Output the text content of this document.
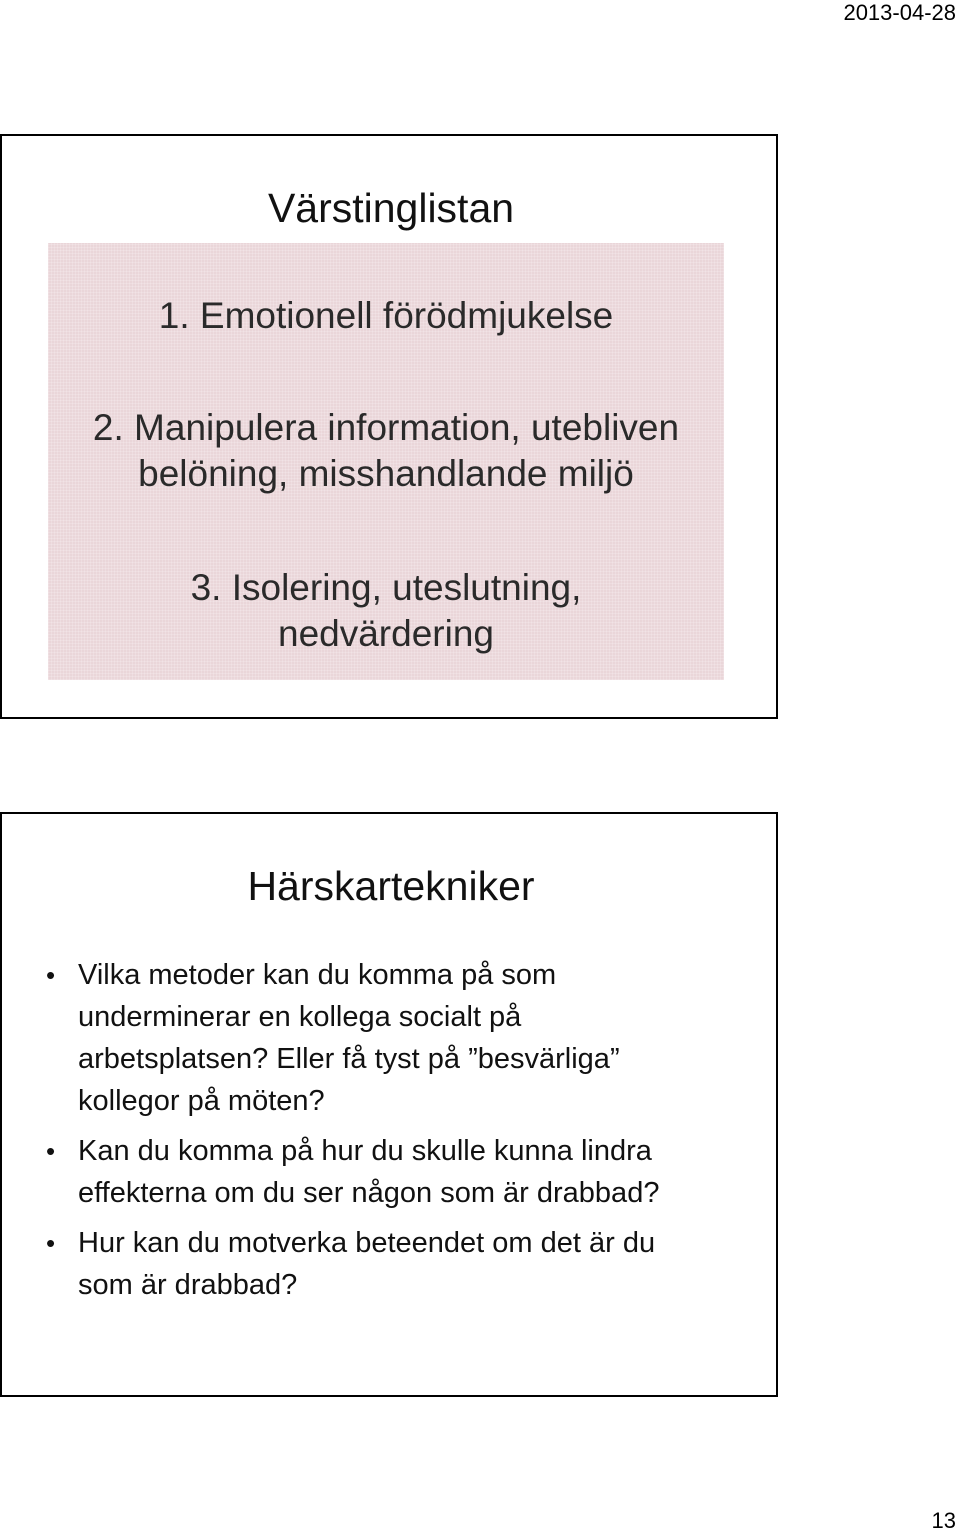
2013-04-28
Värstinglistan
1. Emotionell förödmjukelse
2. Manipulera information, utebliven
belöning, misshandlande miljö
3. Isolering, uteslutning,
nedvärdering
Härskartekniker
• Vilka metoder kan du komma på som
underminerar en kollega socialt på
arbetsplatsen? Eller få tyst på ”besvärliga”
kollegor på möten?
• Kan du komma på hur du skulle kunna lindra
effekterna om du ser någon som är drabbad?
• Hur kan du motverka beteendet om det är du
som är drabbad?
13
